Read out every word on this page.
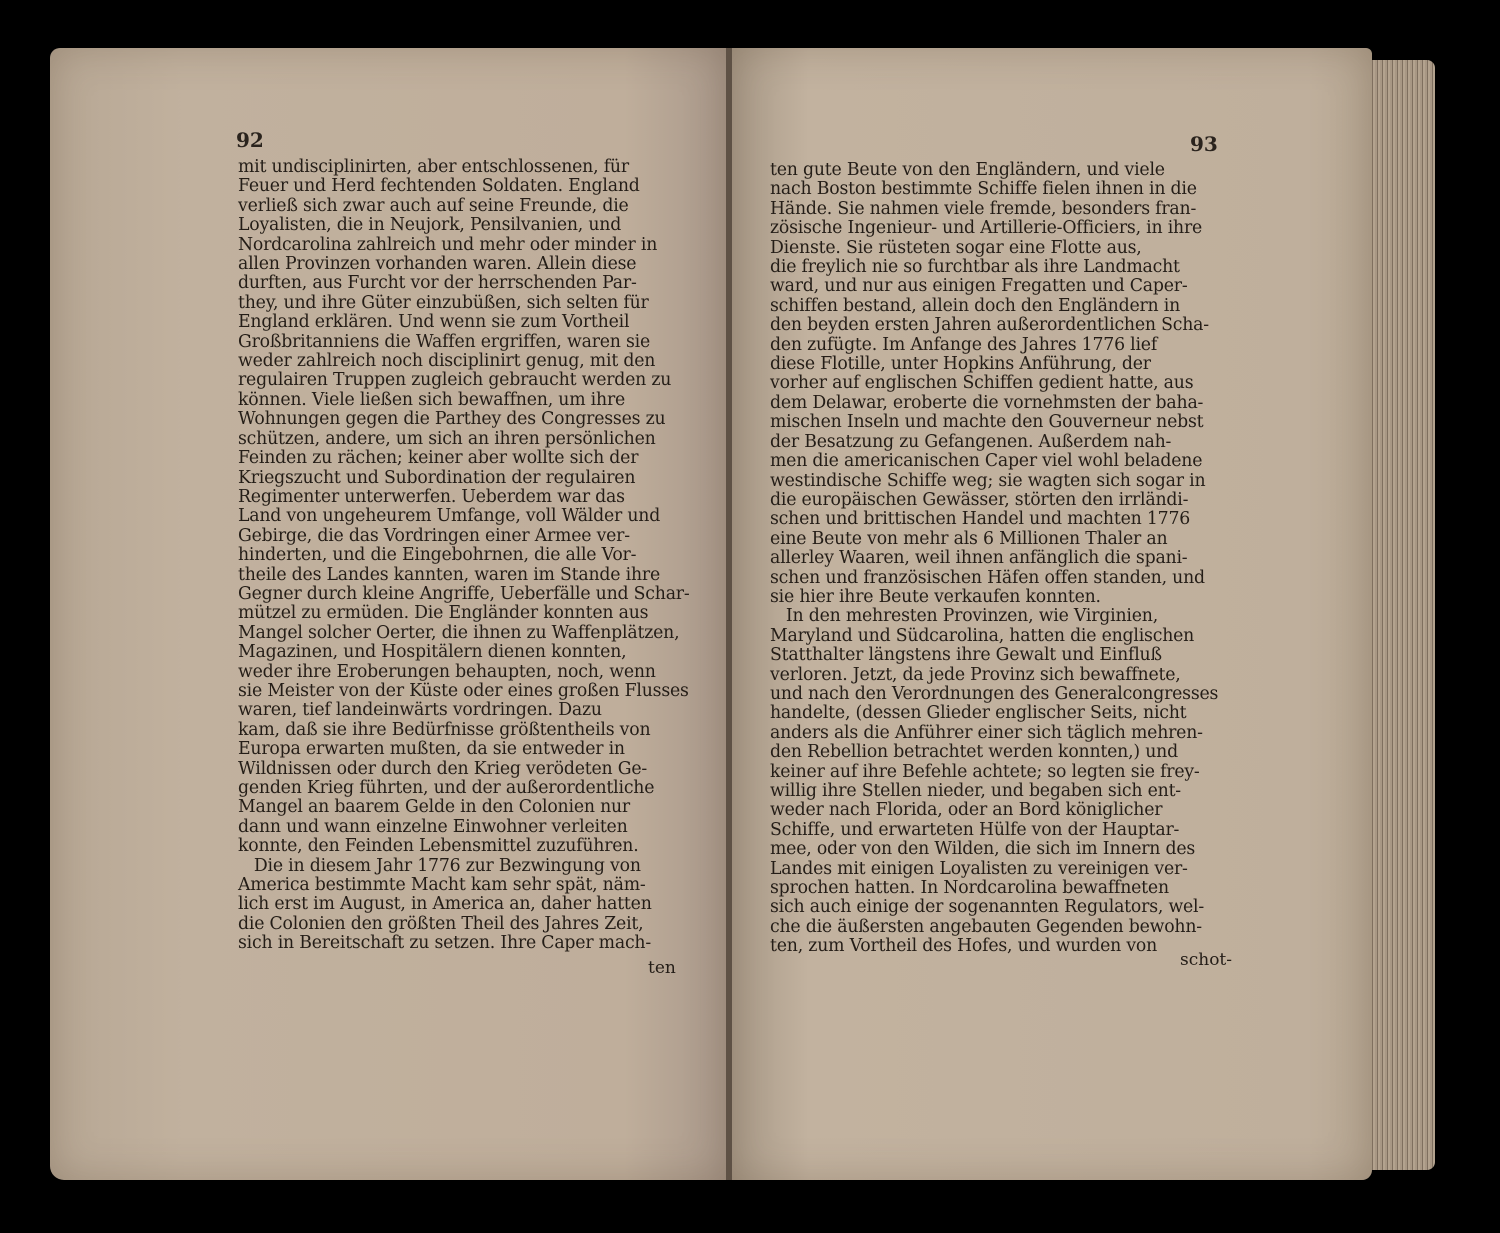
92
mit undisciplinirten, aber entschlossenen, für
Feuer und Herd fechtenden Soldaten. England
verließ sich zwar auch auf seine Freunde, die
Loyalisten, die in Neujork, Pensilvanien, und
Nordcarolina zahlreich und mehr oder minder in
allen Provinzen vorhanden waren. Allein diese
durften, aus Furcht vor der herrschenden Par-
they, und ihre Güter einzubüßen, sich selten für
England erklären. Und wenn sie zum Vortheil
Großbritanniens die Waffen ergriffen, waren sie
weder zahlreich noch disciplinirt genug, mit den
regulairen Truppen zugleich gebraucht werden zu
können. Viele ließen sich bewaffnen, um ihre
Wohnungen gegen die Parthey des Congresses zu
schützen, andere, um sich an ihren persönlichen
Feinden zu rächen; keiner aber wollte sich der
Kriegszucht und Subordination der regulairen
Regimenter unterwerfen. Ueberdem war das
Land von ungeheurem Umfange, voll Wälder und
Gebirge, die das Vordringen einer Armee ver-
hinderten, und die Eingebohrnen, die alle Vor-
theile des Landes kannten, waren im Stande ihre
Gegner durch kleine Angriffe, Ueberfälle und Schar-
mützel zu ermüden. Die Engländer konnten aus
Mangel solcher Oerter, die ihnen zu Waffenplätzen,
Magazinen, und Hospitälern dienen konnten,
weder ihre Eroberungen behaupten, noch, wenn
sie Meister von der Küste oder eines großen Flusses
waren, tief landeinwärts vordringen. Dazu
kam, daß sie ihre Bedürfnisse größtentheils von
Europa erwarten mußten, da sie entweder in
Wildnissen oder durch den Krieg verödeten Ge-
genden Krieg führten, und der außerordentliche
Mangel an baarem Gelde in den Colonien nur
dann und wann einzelne Einwohner verleiten
konnte, den Feinden Lebensmittel zuzuführen.
Die in diesem Jahr 1776 zur Bezwingung von
America bestimmte Macht kam sehr spät, näm-
lich erst im August, in America an, daher hatten
die Colonien den größten Theil des Jahres Zeit,
sich in Bereitschaft zu setzen. Ihre Caper mach-
ten
93
ten gute Beute von den Engländern, und viele
nach Boston bestimmte Schiffe fielen ihnen in die
Hände. Sie nahmen viele fremde, besonders fran-
zösische Ingenieur- und Artillerie-Officiers, in ihre
Dienste. Sie rüsteten sogar eine Flotte aus,
die freylich nie so furchtbar als ihre Landmacht
ward, und nur aus einigen Fregatten und Caper-
schiffen bestand, allein doch den Engländern in
den beyden ersten Jahren außerordentlichen Scha-
den zufügte. Im Anfange des Jahres 1776 lief
diese Flotille, unter Hopkins Anführung, der
vorher auf englischen Schiffen gedient hatte, aus
dem Delawar, eroberte die vornehmsten der baha-
mischen Inseln und machte den Gouverneur nebst
der Besatzung zu Gefangenen. Außerdem nah-
men die americanischen Caper viel wohl beladene
westindische Schiffe weg; sie wagten sich sogar in
die europäischen Gewässer, störten den irrländi-
schen und brittischen Handel und machten 1776
eine Beute von mehr als 6 Millionen Thaler an
allerley Waaren, weil ihnen anfänglich die spani-
schen und französischen Häfen offen standen, und
sie hier ihre Beute verkaufen konnten.
In den mehresten Provinzen, wie Virginien,
Maryland und Südcarolina, hatten die englischen
Statthalter längstens ihre Gewalt und Einfluß
verloren. Jetzt, da jede Provinz sich bewaffnete,
und nach den Verordnungen des Generalcongresses
handelte, (dessen Glieder englischer Seits, nicht
anders als die Anführer einer sich täglich mehren-
den Rebellion betrachtet werden konnten,) und
keiner auf ihre Befehle achtete; so legten sie frey-
willig ihre Stellen nieder, und begaben sich ent-
weder nach Florida, oder an Bord königlicher
Schiffe, und erwarteten Hülfe von der Hauptar-
mee, oder von den Wilden, die sich im Innern des
Landes mit einigen Loyalisten zu vereinigen ver-
sprochen hatten. In Nordcarolina bewaffneten
sich auch einige der sogenannten Regulators, wel-
che die äußersten angebauten Gegenden bewohn-
ten, zum Vortheil des Hofes, und wurden von
schot-
